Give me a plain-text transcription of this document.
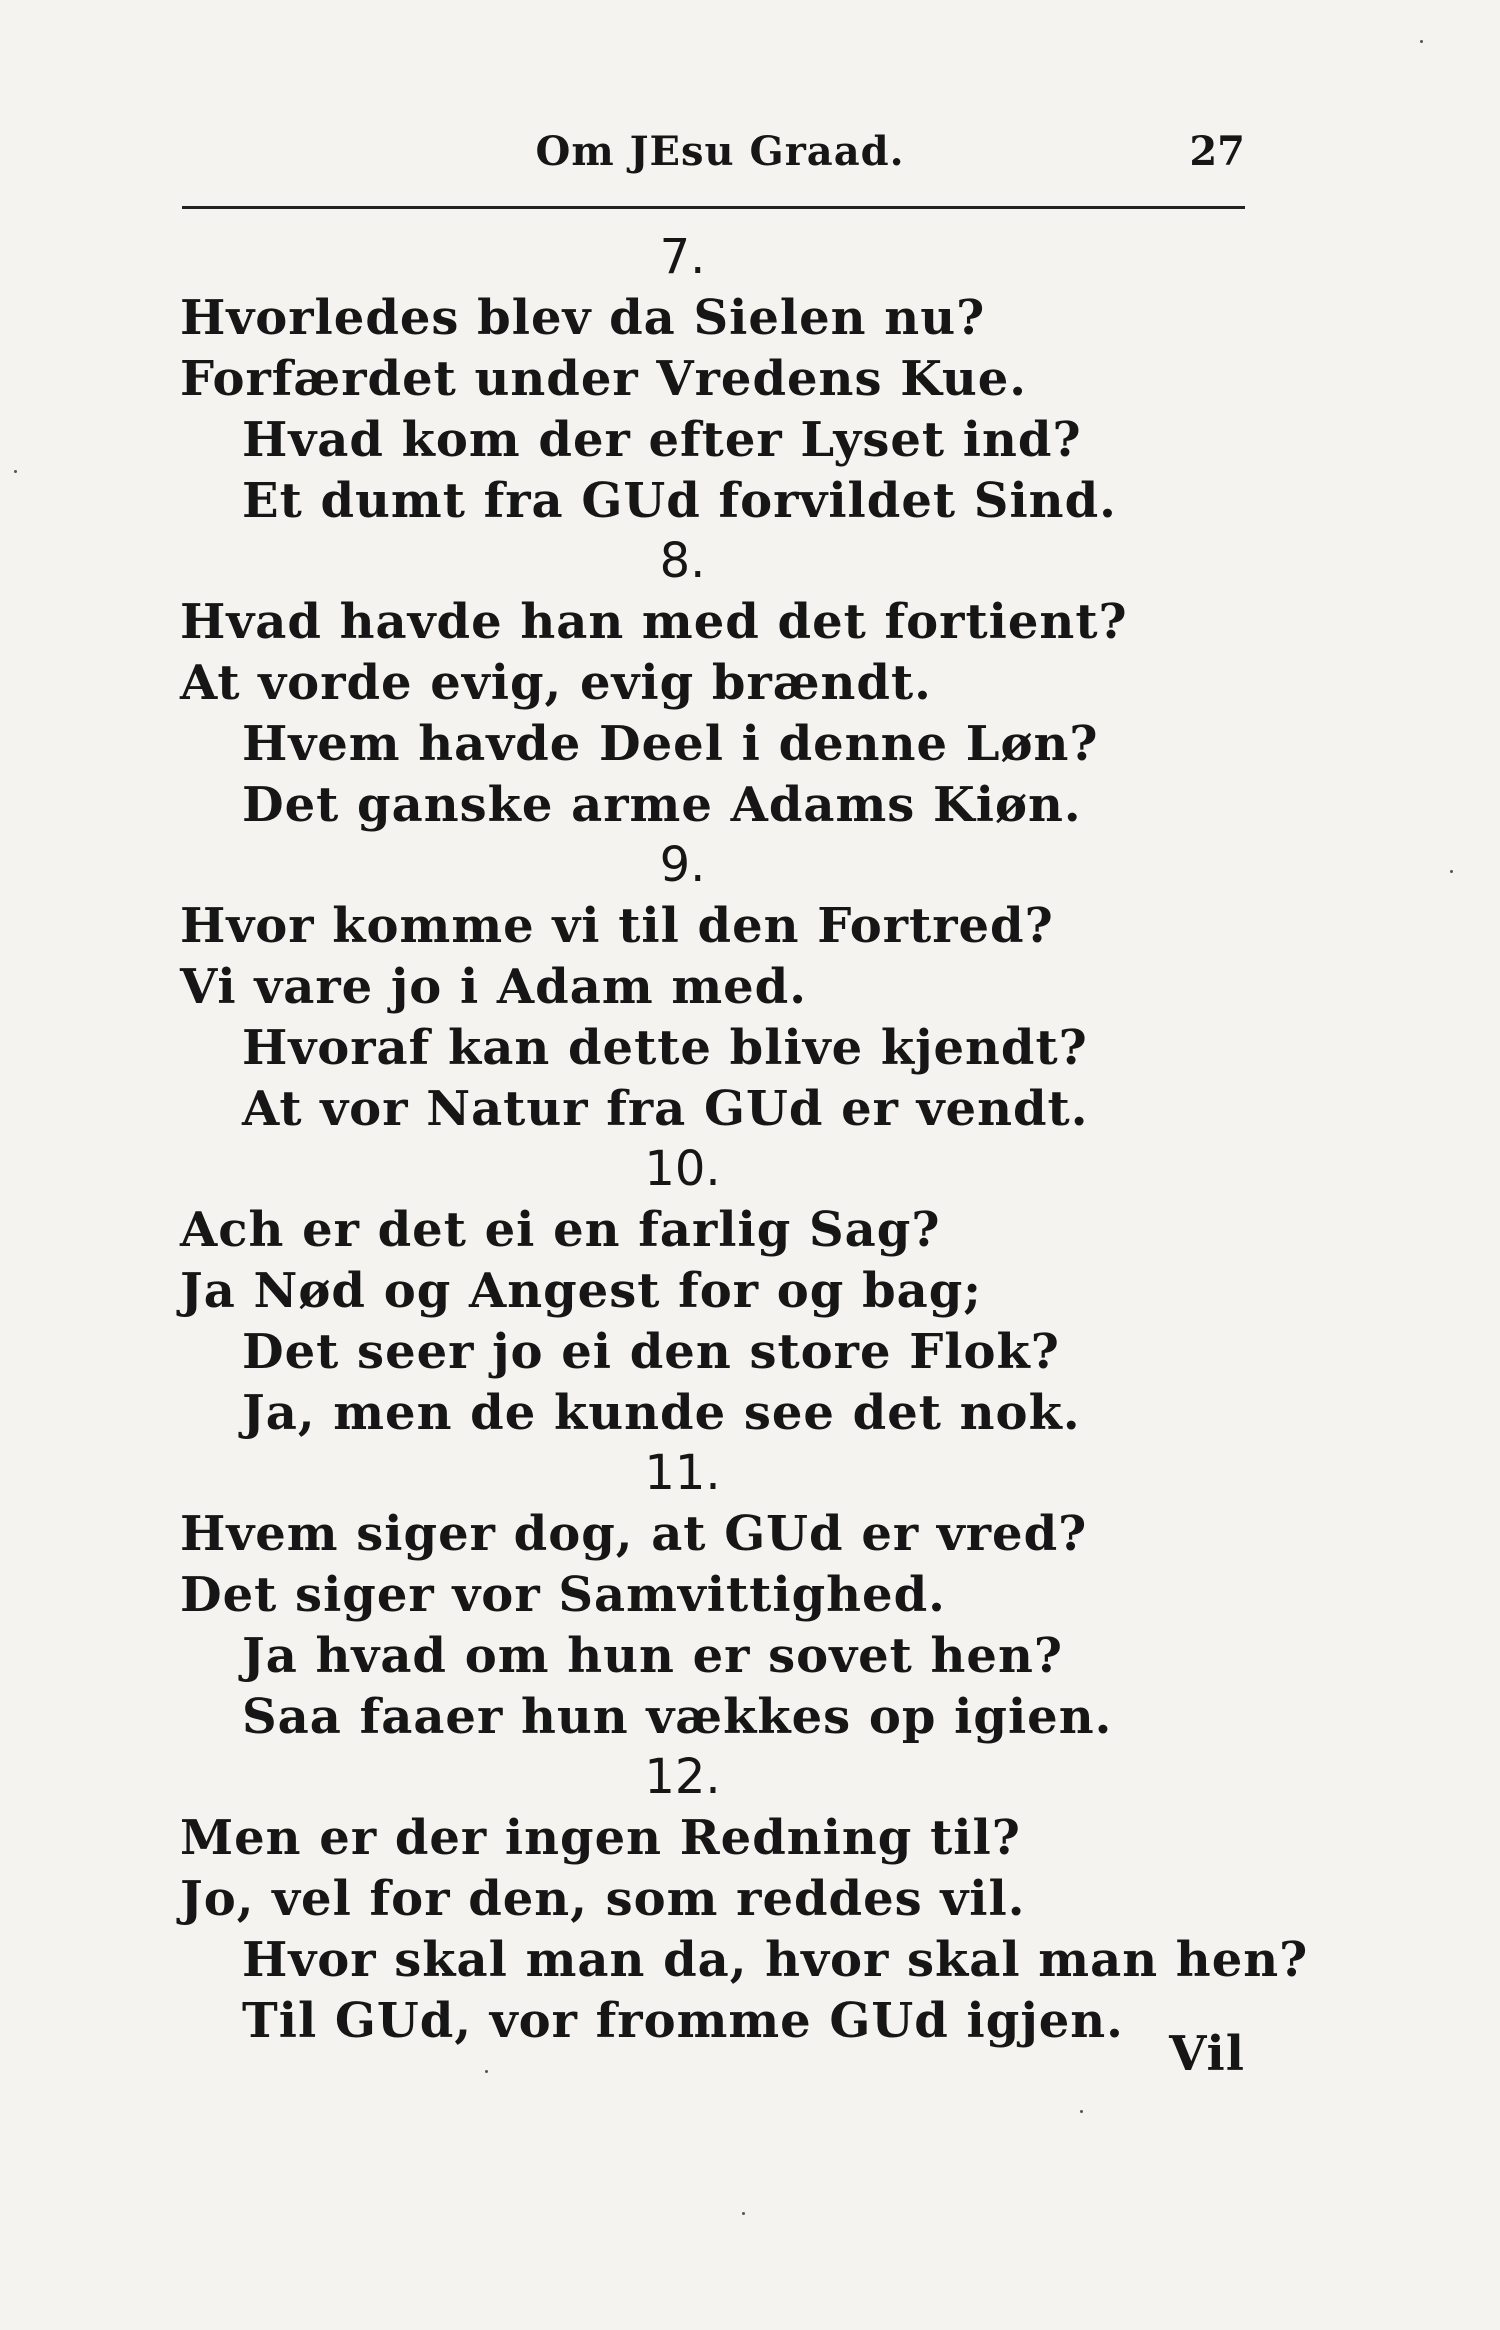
Om JEsu Graad.	27
7.
Hvorledes blev da Sielen nu?
Forfærdet under Vredens Kue.
Hvad kom der efter Lyset ind?
Et dumt fra GUd forvildet Sind.
8.
Hvad havde han med det fortient?
At vorde evig, evig brændt.
Hvem havde Deel i denne Løn?
Det ganske arme Adams Kiøn.
9.
Hvor komme vi til den Fortred?
Vi vare jo i Adam med.
Hvoraf kan dette blive kjendt?
At vor Natur fra GUd er vendt.
10.
Ach er det ei en farlig Sag?
Ja Nød og Angest for og bag;
Det seer jo ei den store Flok?
Ja, men de kunde see det nok.
11.
Hvem siger dog, at GUd er vred?
Det siger vor Samvittighed.
Ja hvad om hun er sovet hen?
Saa faaer hun vækkes op igien.
12.
Men er der ingen Redning til?
Jo, vel for den, som reddes vil.
Hvor skal man da, hvor skal man hen?
Til GUd, vor fromme GUd igjen.
Vil
